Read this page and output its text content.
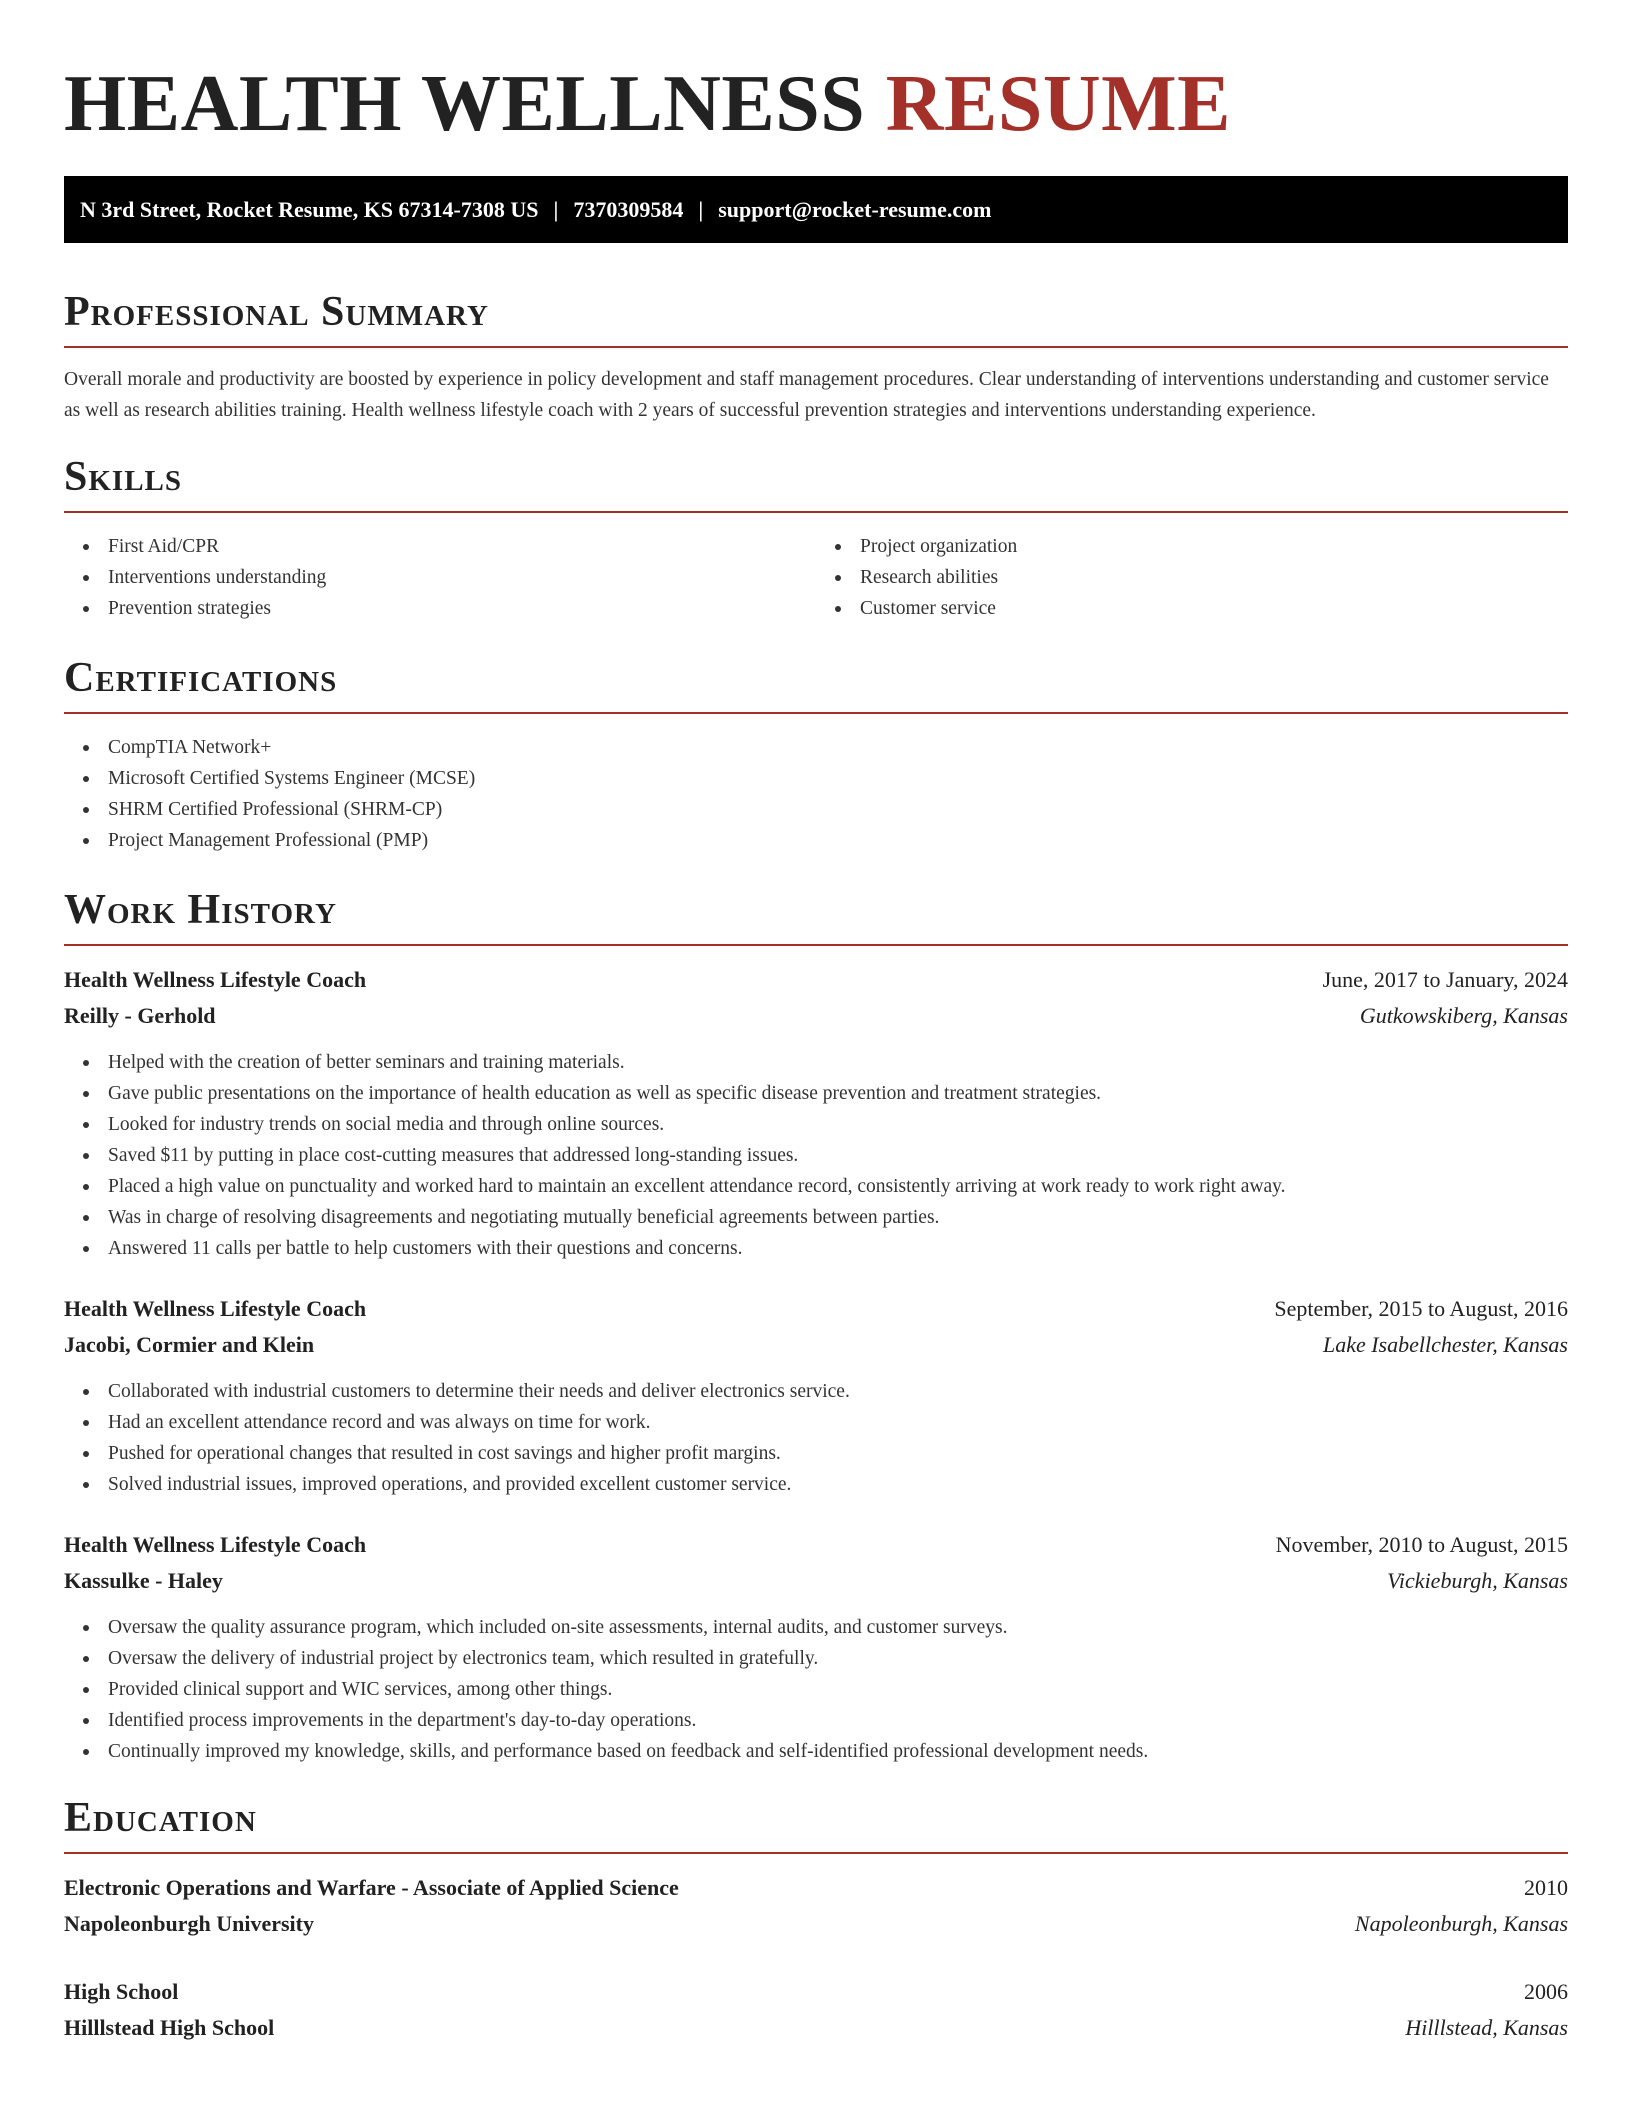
HEALTH WELLNESS RESUME
N 3rd Street, Rocket Resume, KS 67314-7308 US | 7370309584 | support@rocket-resume.com
Professional Summary

Overall morale and productivity are boosted by experience in policy development and staff management procedures. Clear understanding of interventions understanding and customer service as well as research abilities training. Health wellness lifestyle coach with 2 years of successful prevention strategies and interventions understanding experience.

Skills
First Aid/CPR
Interventions understanding
Prevention strategies
Project organization
Research abilities
Customer service
Certifications
CompTIA Network+
Microsoft Certified Systems Engineer (MCSE)
SHRM Certified Professional (SHRM-CP)
Project Management Professional (PMP)
Work History
Health Wellness Lifestyle Coach	June, 2017 to January, 2024
Reilly - Gerhold	Gutkowskiberg, Kansas
Helped with the creation of better seminars and training materials.
Gave public presentations on the importance of health education as well as specific disease prevention and treatment strategies.
Looked for industry trends on social media and through online sources.
Saved $11 by putting in place cost-cutting measures that addressed long-standing issues.
Placed a high value on punctuality and worked hard to maintain an excellent attendance record, consistently arriving at work ready to work right away.
Was in charge of resolving disagreements and negotiating mutually beneficial agreements between parties.
Answered 11 calls per battle to help customers with their questions and concerns.
Health Wellness Lifestyle Coach	September, 2015 to August, 2016
Jacobi, Cormier and Klein	Lake Isabellchester, Kansas
Collaborated with industrial customers to determine their needs and deliver electronics service.
Had an excellent attendance record and was always on time for work.
Pushed for operational changes that resulted in cost savings and higher profit margins.
Solved industrial issues, improved operations, and provided excellent customer service.
Health Wellness Lifestyle Coach	November, 2010 to August, 2015
Kassulke - Haley	Vickieburgh, Kansas
Oversaw the quality assurance program, which included on-site assessments, internal audits, and customer surveys.
Oversaw the delivery of industrial project by electronics team, which resulted in gratefully.
Provided clinical support and WIC services, among other things.
Identified process improvements in the department's day-to-day operations.
Continually improved my knowledge, skills, and performance based on feedback and self-identified professional development needs.
Education
Electronic Operations and Warfare - Associate of Applied Science	2010
Napoleonburgh University	Napoleonburgh, Kansas
High School	2006
Hilllstead High School	Hilllstead, Kansas
